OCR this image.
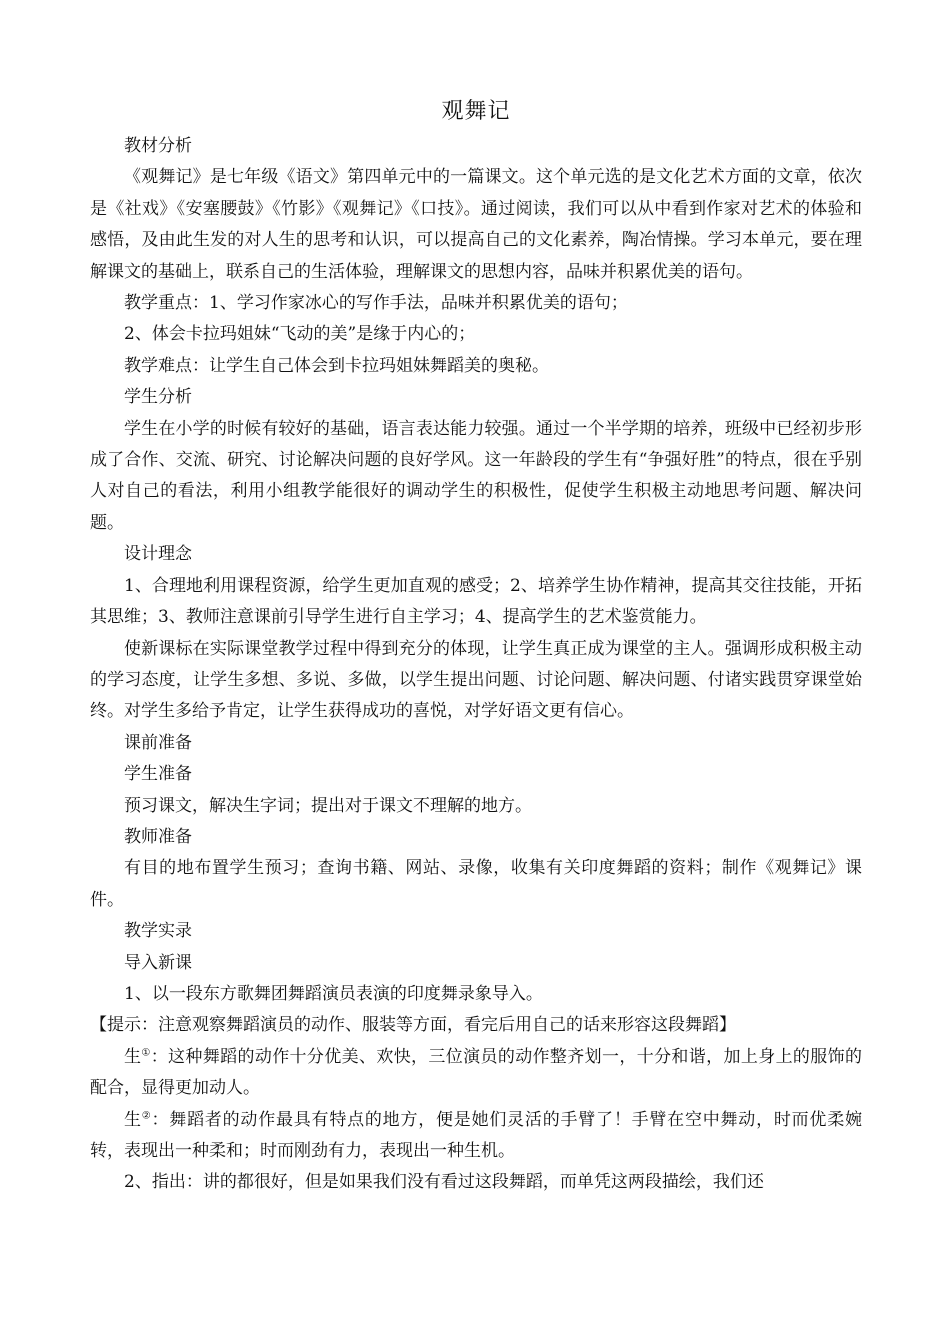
观舞记

教材分析

《观舞记》是七年级《语文》第四单元中的一篇课文。这个单元选的是文化艺术方面的文章，依次是《社戏》《安塞腰鼓》《竹影》《观舞记》《口技》。通过阅读，我们可以从中看到作家对艺术的体验和感悟，及由此生发的对人生的思考和认识，可以提高自己的文化素养，陶冶情操。学习本单元，要在理解课文的基础上，联系自己的生活体验，理解课文的思想内容，品味并积累优美的语句。

教学重点：1、学习作家冰心的写作手法，品味并积累优美的语句；

2、体会卡拉玛姐妹“飞动的美”是缘于内心的；

教学难点：让学生自己体会到卡拉玛姐妹舞蹈美的奥秘。

学生分析

学生在小学的时候有较好的基础，语言表达能力较强。通过一个半学期的培养，班级中已经初步形成了合作、交流、研究、讨论解决问题的良好学风。这一年龄段的学生有“争强好胜”的特点，很在乎别人对自己的看法，利用小组教学能很好的调动学生的积极性，促使学生积极主动地思考问题、解决问题。

设计理念

1、合理地利用课程资源，给学生更加直观的感受；2、培养学生协作精神，提高其交往技能，开拓其思维；3、教师注意课前引导学生进行自主学习；4、提高学生的艺术鉴赏能力。

使新课标在实际课堂教学过程中得到充分的体现，让学生真正成为课堂的主人。强调形成积极主动的学习态度，让学生多想、多说、多做，以学生提出问题、讨论问题、解决问题、付诸实践贯穿课堂始终。对学生多给予肯定，让学生获得成功的喜悦，对学好语文更有信心。

课前准备

学生准备

预习课文，解决生字词；提出对于课文不理解的地方。

教师准备

有目的地布置学生预习；查询书籍、网站、录像，收集有关印度舞蹈的资料；制作《观舞记》课件。

教学实录

导入新课

1、以一段东方歌舞团舞蹈演员表演的印度舞录象导入。

【提示：注意观察舞蹈演员的动作、服装等方面，看完后用自己的话来形容这段舞蹈】

生①：这种舞蹈的动作十分优美、欢快，三位演员的动作整齐划一，十分和谐，加上身上的服饰的配合，显得更加动人。

生②：舞蹈者的动作最具有特点的地方，便是她们灵活的手臂了！手臂在空中舞动，时而优柔婉转，表现出一种柔和；时而刚劲有力，表现出一种生机。

2、指出：讲的都很好，但是如果我们没有看过这段舞蹈，而单凭这两段描绘，我们还
